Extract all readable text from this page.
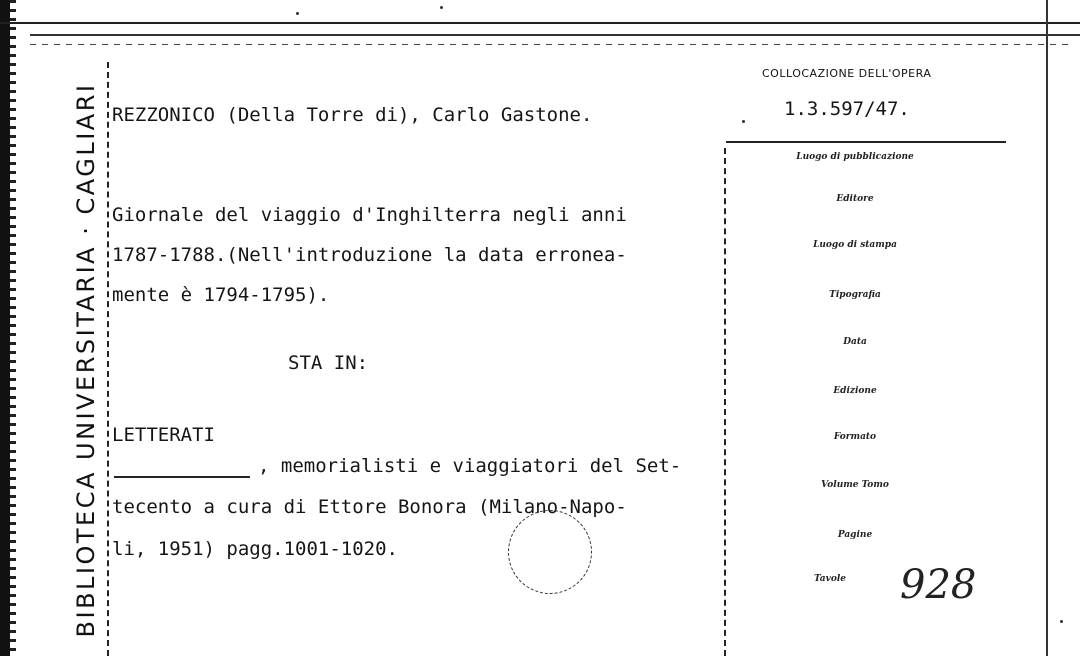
BIBLIOTECA UNIVERSITARIA · CAGLIARI
COLLOCAZIONE DELL'OPERA
1.3.597/47.
REZZONICO (Della Torre di), Carlo Gastone.
Giornale del viaggio d'Inghilterra negli anni
1787-1788.(Nell'introduzione la data erronea-
mente è 1794-1795).
STA IN:
LETTERATI
, memorialisti e viaggiatori del Set-
tecento a cura di Ettore Bonora (Milano-Napo-
li, 1951) pagg.1001-1020.
Luogo di pubblicazione
Editore
Luogo di stampa
Tipografia
Data
Edizione
Formato
Volume Tomo
Pagine
Tavole	928
